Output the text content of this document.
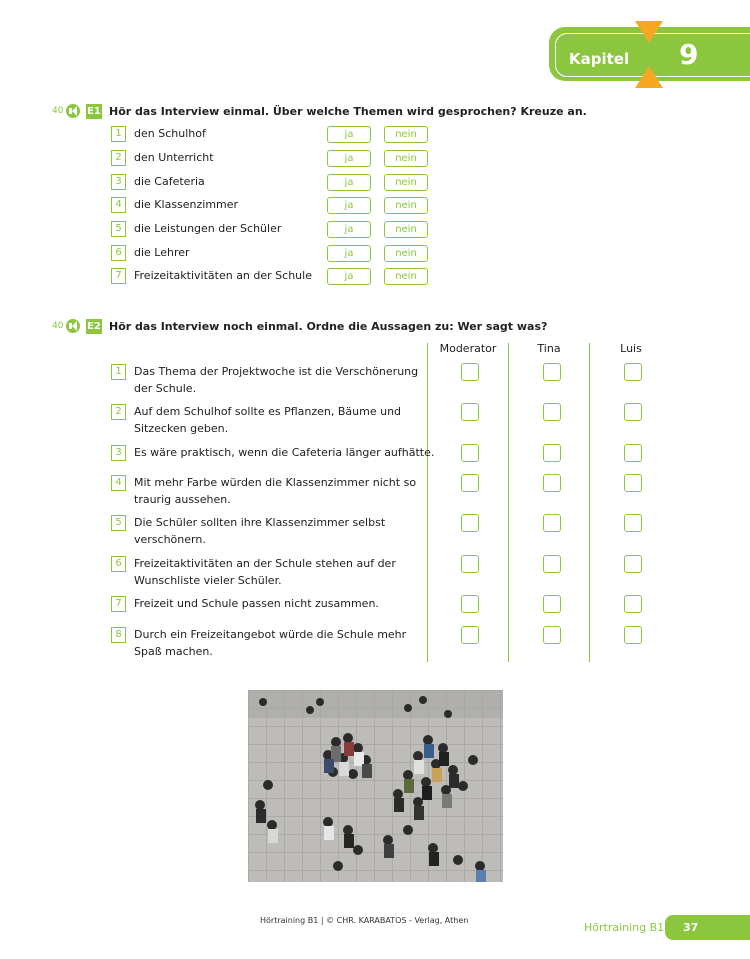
Kapitel 9
40 E1 Hör das Interview einmal. Über welche Themen wird gesprochen? Kreuze an.
1	den Schulhof	ja	nein
2	den Unterricht	ja	nein
3	die Cafeteria	ja	nein
4	die Klassenzimmer	ja	nein
5	die Leistungen der Schüler	ja	nein
6	die Lehrer	ja	nein
7	Freizeitaktivitäten an der Schule	ja	nein
40 E2 Hör das Interview noch einmal. Ordne die Aussagen zu: Wer sagt was?
Moderator	Tina	Luis
1	Das Thema der Projektwoche ist die Verschönerung
der Schule.
2	Auf dem Schulhof sollte es Pflanzen, Bäume und
Sitzecken geben.
3	Es wäre praktisch, wenn die Cafeteria länger aufhätte.
4	Mit mehr Farbe würden die Klassenzimmer nicht so
traurig aussehen.
5	Die Schüler sollten ihre Klassenzimmer selbst
verschönern.
6	Freizeitaktivitäten an der Schule stehen auf der
Wunschliste vieler Schüler.
7	Freizeit und Schule passen nicht zusammen.
8	Durch ein Freizeitangebot würde die Schule mehr
Spaß machen.
Hörtraining B1 | © CHR. KARABATOS - Verlag, Athen
Hörtraining B1 37
